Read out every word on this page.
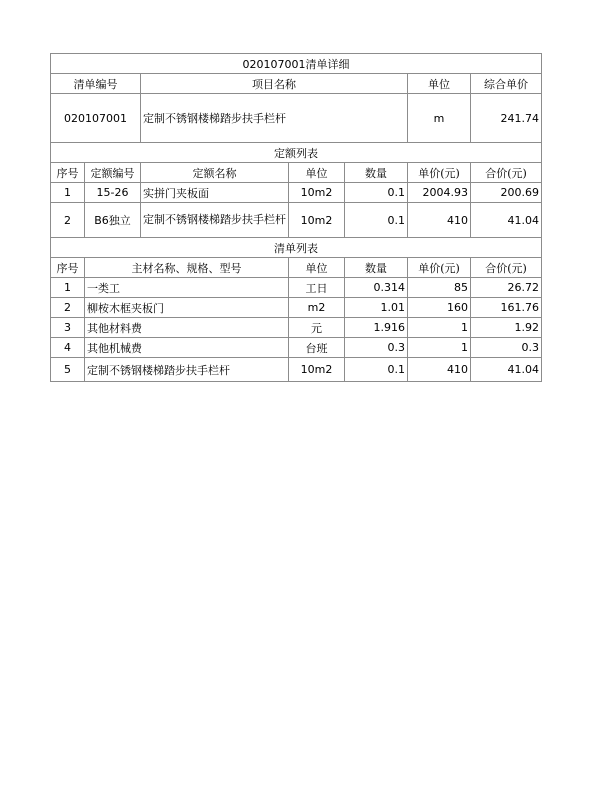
020107001清单详细						
清单编号		项目名称			单位	综合单价
020107001		定制不锈钢楼梯踏步扶手栏杆			m	241.74
定额列表						
序号	定额编号	定额名称	单位	数量	单价(元)	合价(元)
1	15-26	实拼门夹板面	10m2	0.1	2004.93	200.69
2	B6独立	定制不锈钢楼梯踏步扶手栏杆	10m2	0.1	410	41.04
清单列表						
序号	主材名称、规格、型号		单位	数量	单价(元)	合价(元)
1	一类工		工日	0.314	85	26.72
2	柳桉木框夹板门		m2	1.01	160	161.76
3	其他材料费		元	1.916	1	1.92
4	其他机械费		台班	0.3	1	0.3
5	定制不锈钢楼梯踏步扶手栏杆		10m2	0.1	410	41.04
